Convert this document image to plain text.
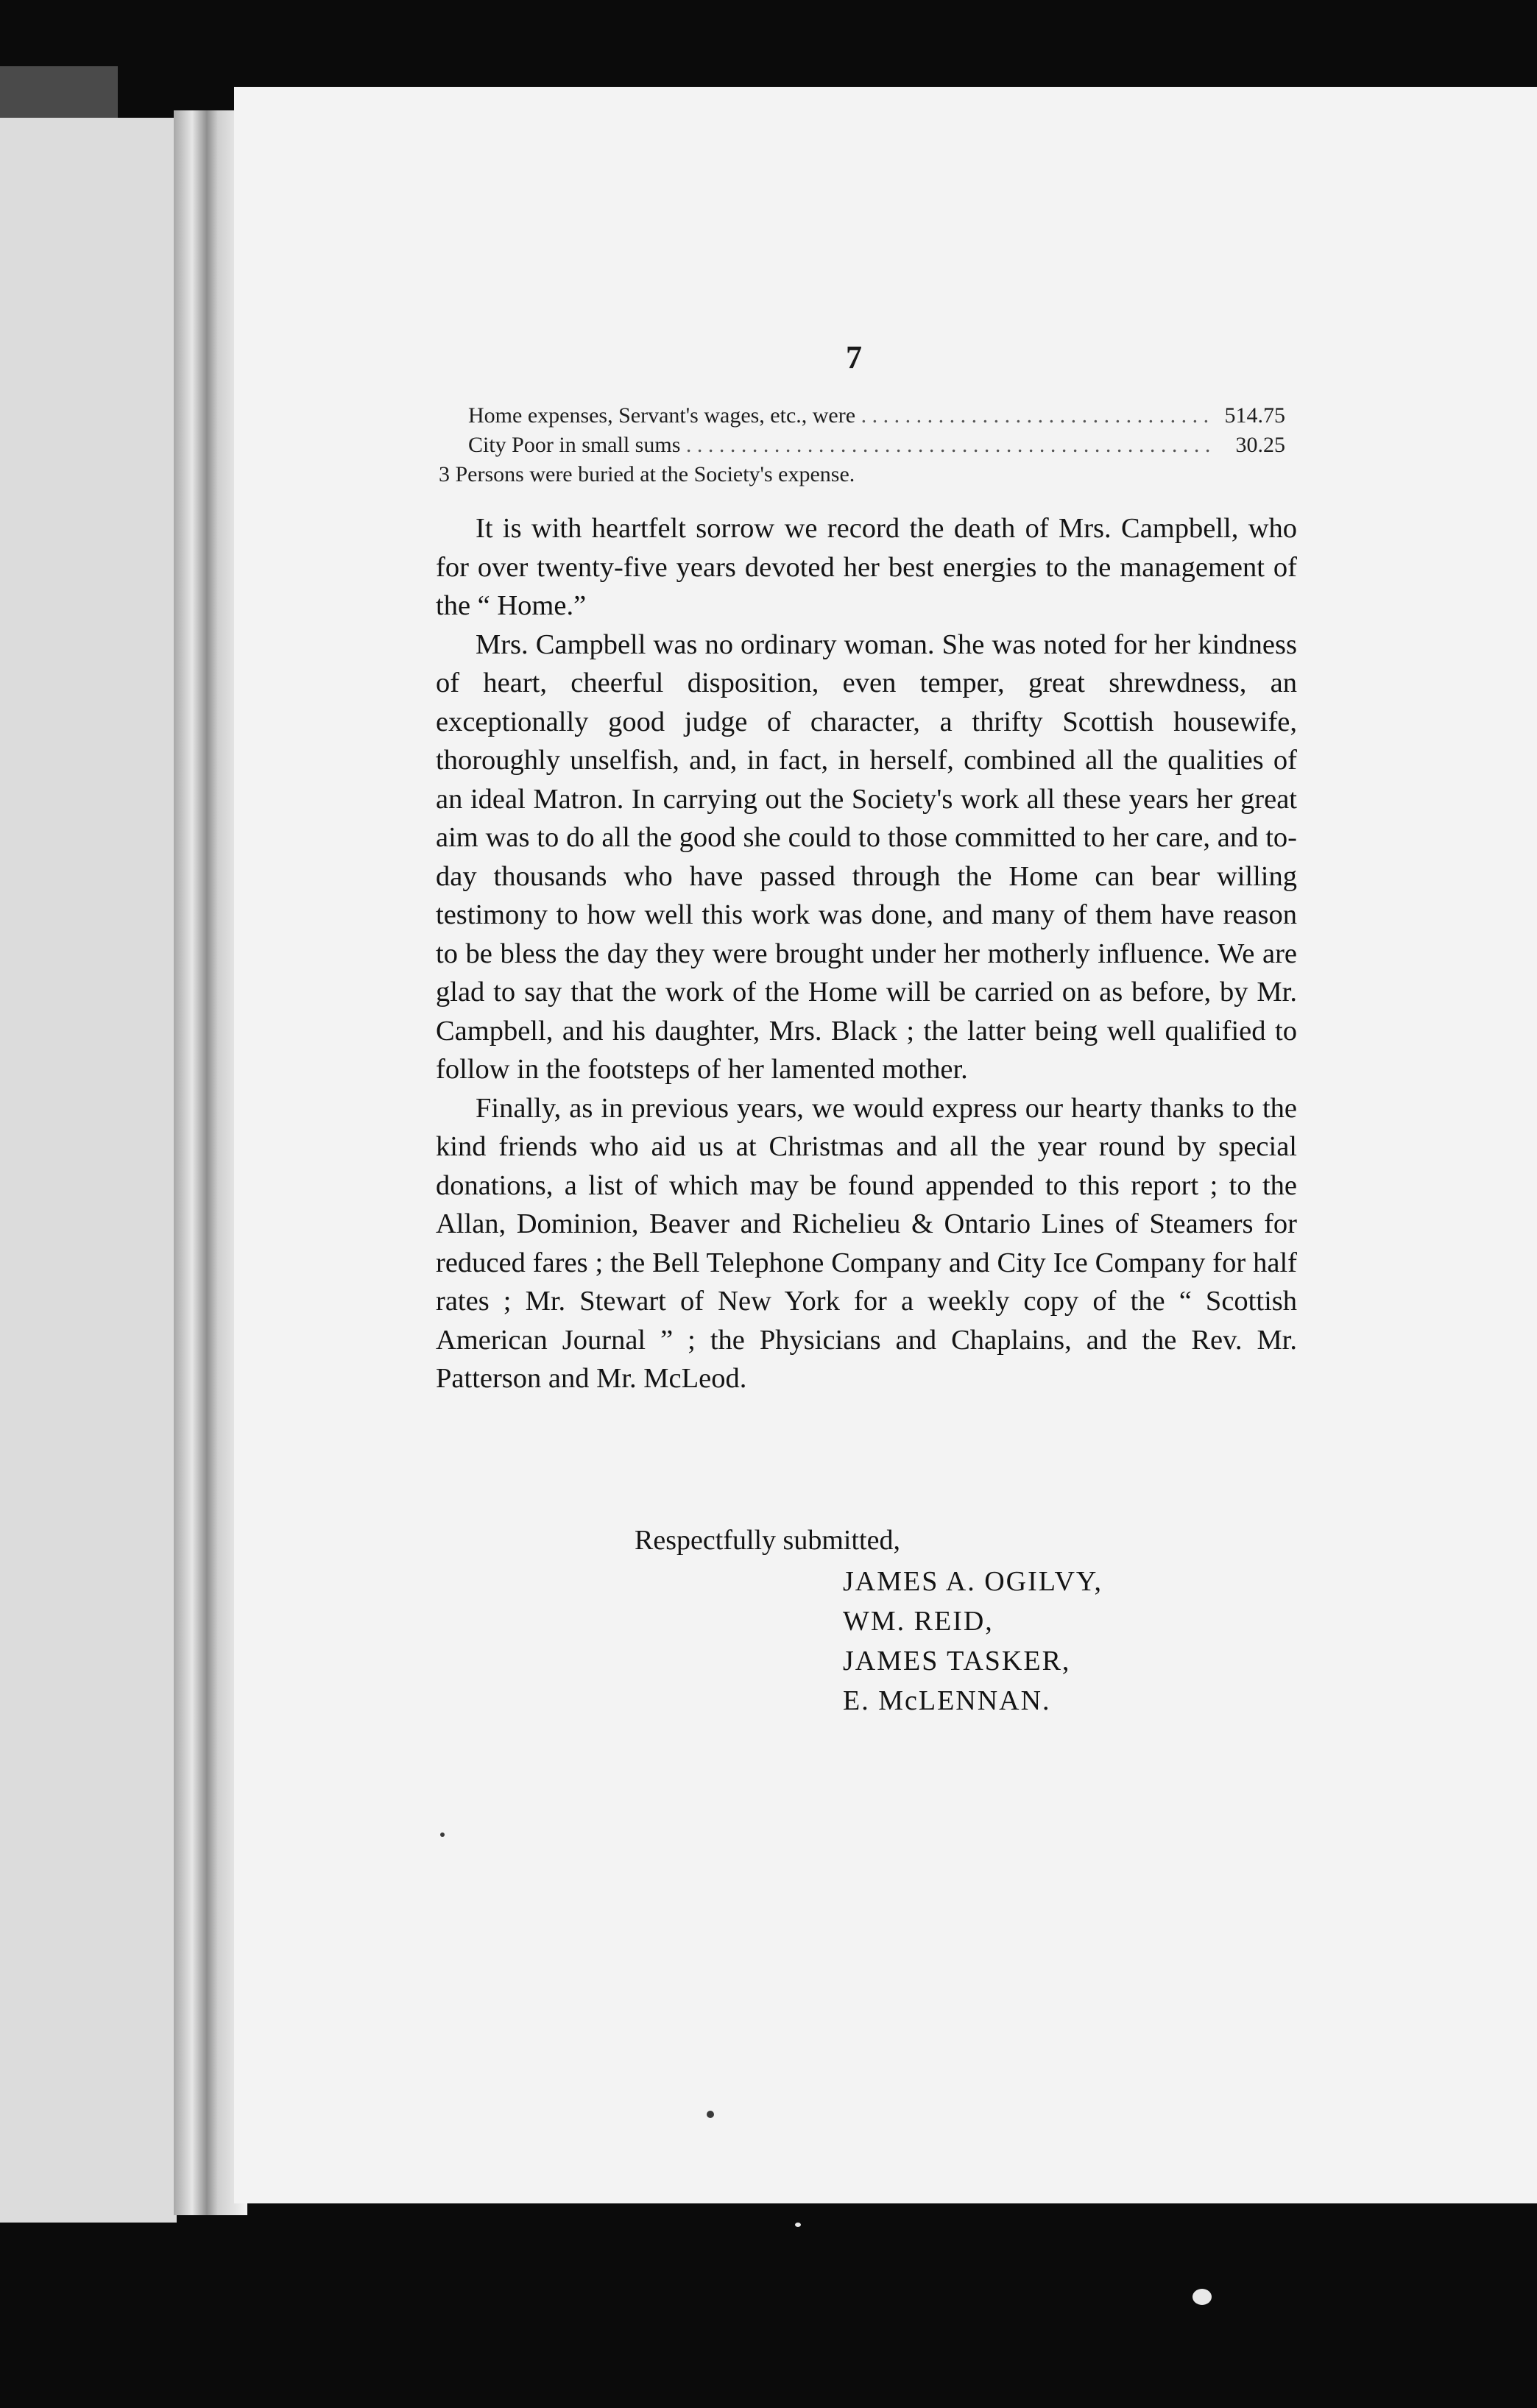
7
Home expenses, Servant's wages, etc., were . . .	514.75
City Poor in small sums . . .	30.25
3 Persons were buried at the Society's expense.

It is with heartfelt sorrow we record the death of Mrs. Campbell, who for over twenty-five years devoted her best energies to the management of the “ Home.”

Mrs. Campbell was no ordinary woman. She was noted for her kindness of heart, cheerful disposition, even temper, great shrewdness, an exceptionally good judge of character, a thrifty Scottish housewife, thoroughly unselfish, and, in fact, in herself, combined all the qualities of an ideal Matron. In carrying out the Society's work all these years her great aim was to do all the good she could to those committed to her care, and to-day thousands who have passed through the Home can bear willing testimony to how well this work was done, and many of them have reason to be bless the day they were brought under her motherly influence. We are glad to say that the work of the Home will be carried on as before, by Mr. Campbell, and his daughter, Mrs. Black ; the latter being well qualified to follow in the footsteps of her lamented mother.

Finally, as in previous years, we would express our hearty thanks to the kind friends who aid us at Christmas and all the year round by special donations, a list of which may be found appended to this report ; to the Allan, Dominion, Beaver and Richelieu & Ontario Lines of Steamers for reduced fares ; the Bell Telephone Company and City Ice Company for half rates ; Mr. Stewart of New York for a weekly copy of the “ Scottish American Journal ” ; the Physicians and Chaplains, and the Rev. Mr. Patterson and Mr. McLeod.

Respectfully submitted,
JAMES A. OGILVY,
WM. REID,
JAMES TASKER,
E. McLENNAN.
